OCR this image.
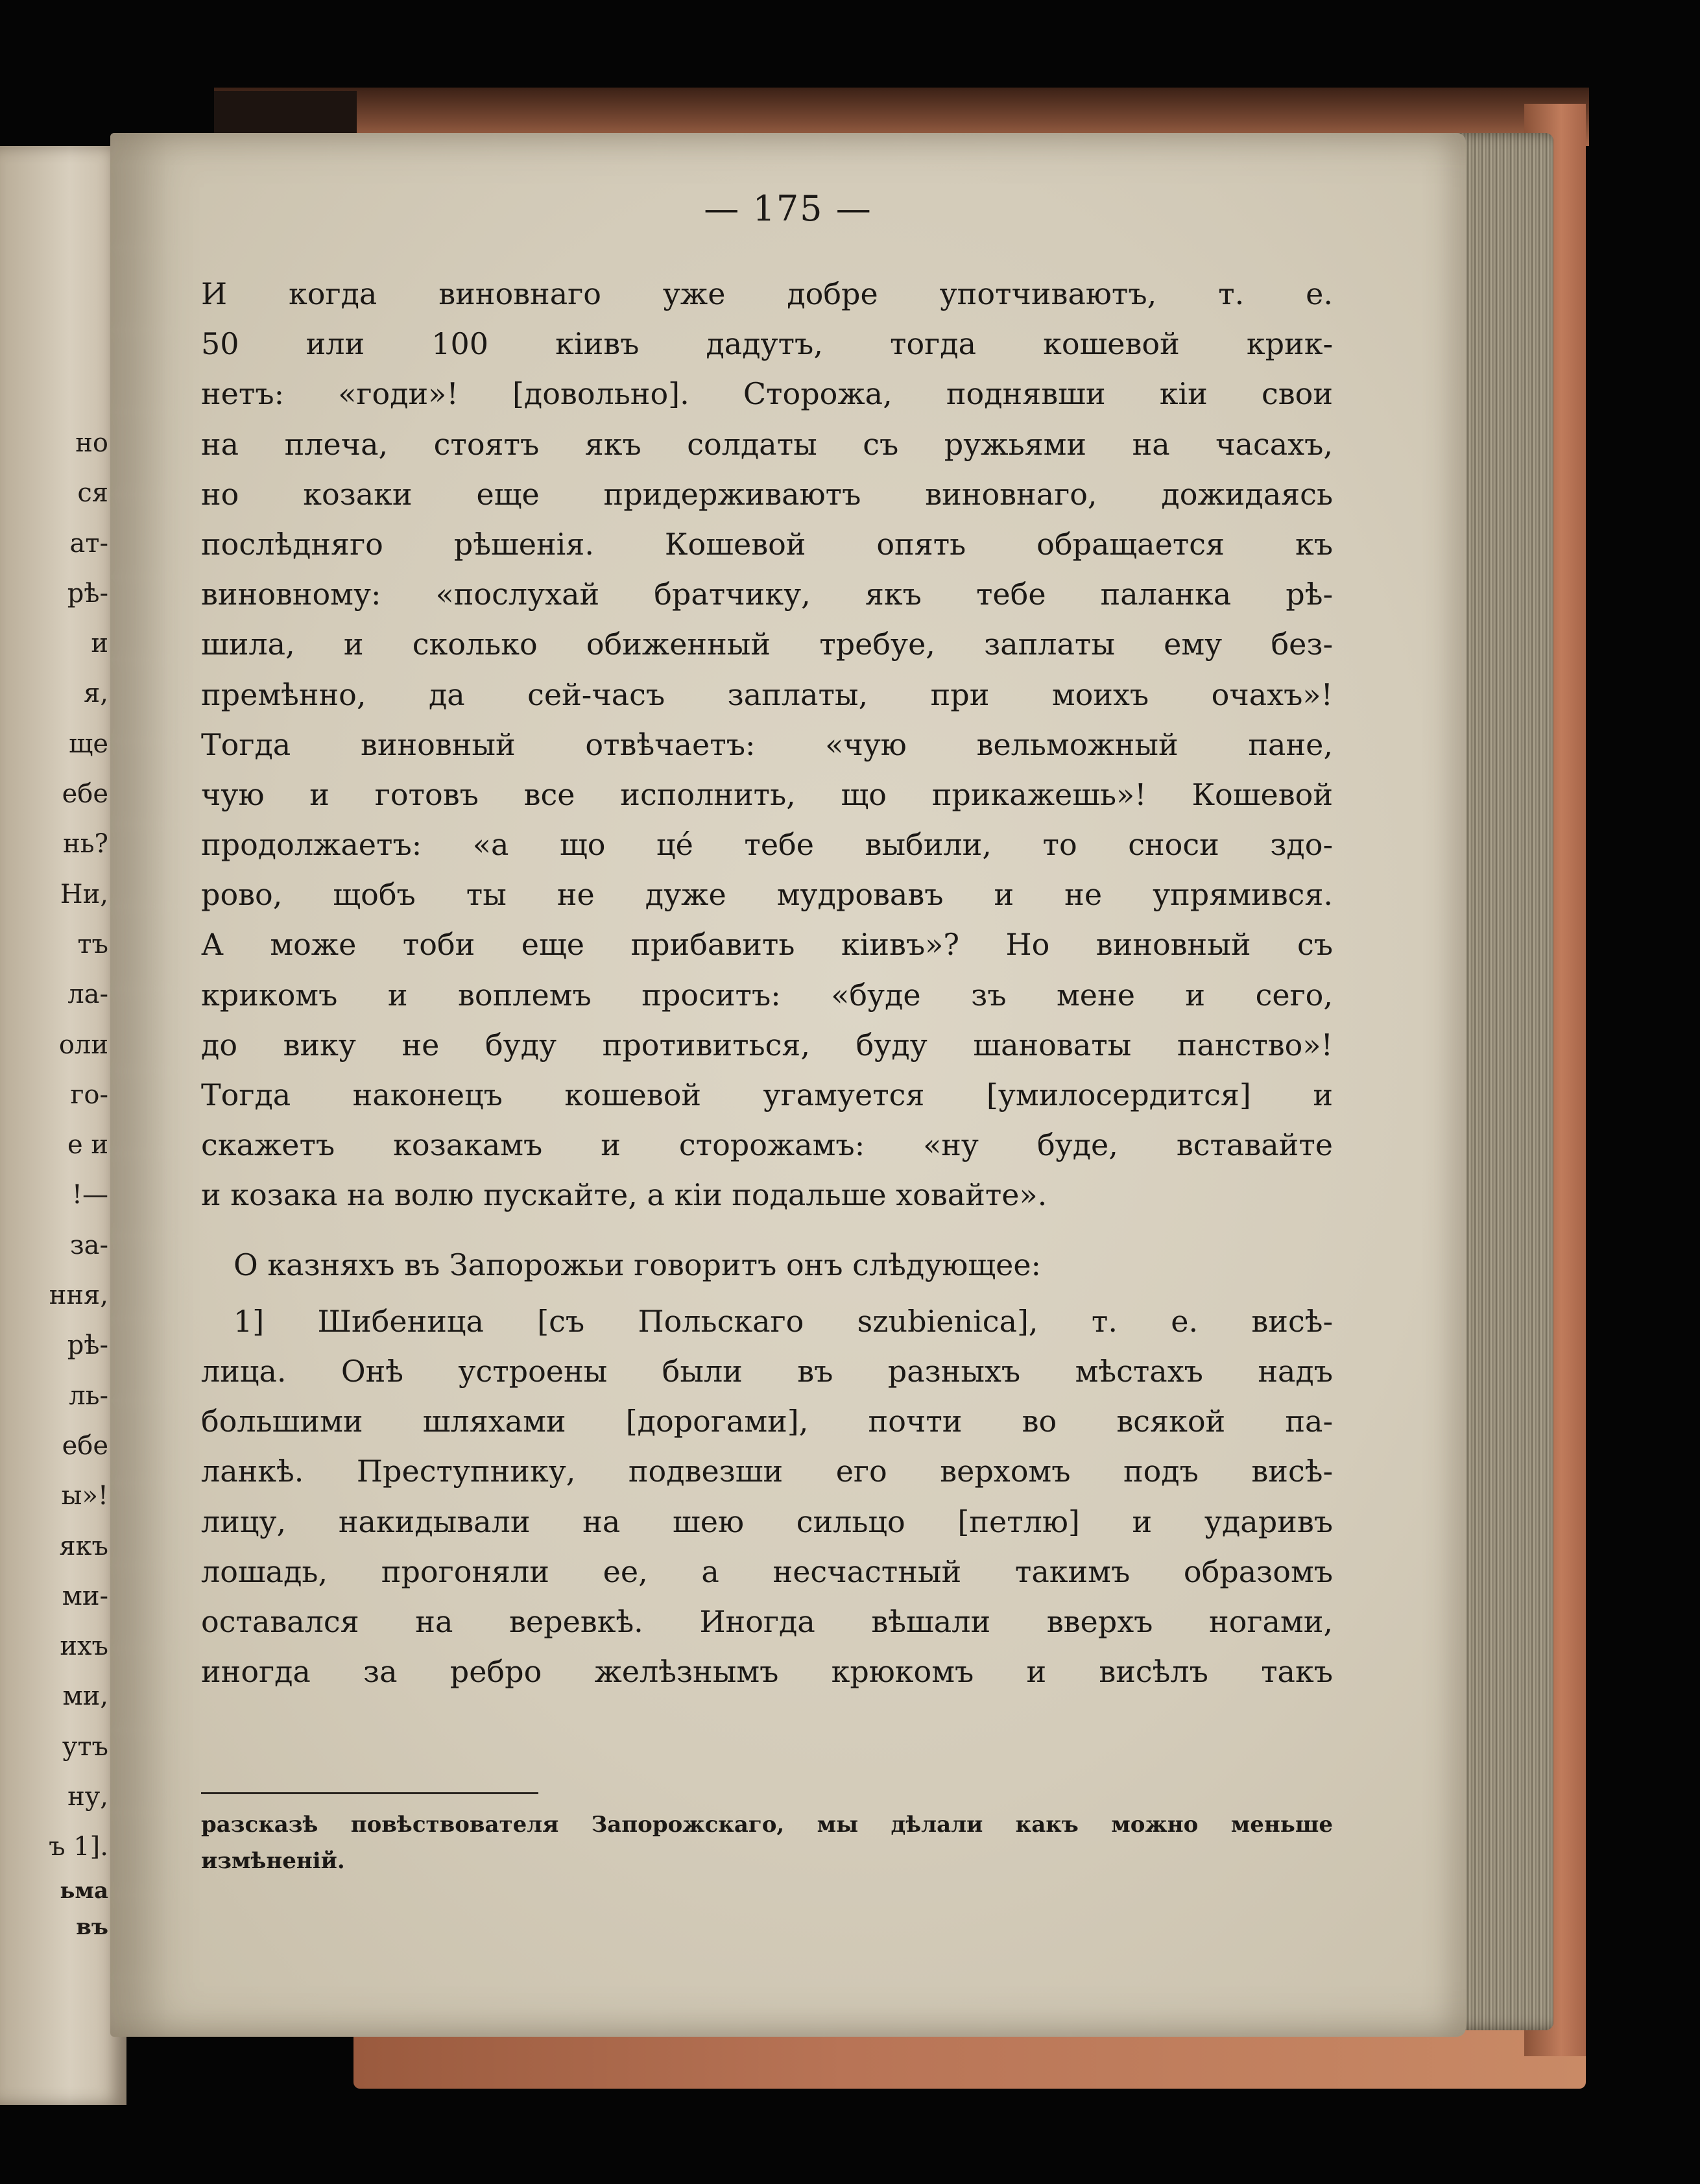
но
ся
ат-
рѣ-
и
я,
ще
ебе
нь?
Ни,
тъ
ла-
оли
го-
е и
!—
за-
ння,
рѣ-
ль-
ебе
ы»!
якъ
ми-
ихъ
ми,
утъ
ну,
ъ 1].
ьма
въ
— 175 —
И когда виновнаго уже добре употчиваютъ, т. е.
50 или 100 кiивъ дадутъ, тогда кошевой крик-
нетъ: «годи»! [довольно]. Сторожа, поднявши кiи свои
на плеча, стоятъ якъ солдаты съ ружьями на часахъ,
но козаки еще придерживаютъ виновнаго, дожидаясь
послѣдняго рѣшенiя. Кошевой опять обращается къ
виновному: «послухай братчику, якъ тебе паланка рѣ-
шила, и сколько обиженный требуе, заплаты ему без-
премѣнно, да сей-часъ заплаты, при моихъ очахъ»!
Тогда виновный отвѣчаетъ: «чую вельможный пане,
чую и готовъ все исполнить, що прикажешь»! Кошевой
продолжаетъ: «а що цé тебе выбили, то сноси здо-
рово, щобъ ты не дуже мудровавъ и не упрямився.
А може тоби еще прибавить кiивъ»? Но виновный съ
крикомъ и воплемъ проситъ: «буде зъ мене и сего,
до вику не буду противиться, буду шановаты панство»!
Тогда наконецъ кошевой угамуется [умилосердится] и
скажетъ козакамъ и сторожамъ: «ну буде, вставайте
и козака на волю пускайте, а кiи подальше ховайте».
О казняхъ въ Запорожьи говоритъ онъ слѣдующее:
1] Шибеница [съ Польскаго szubienica], т. е. висѣ-
лица. Онѣ устроены были въ разныхъ мѣстахъ надъ
большими шляхами [дорогами], почти во всякой па-
ланкѣ. Преступнику, подвезши его верхомъ подъ висѣ-
лицу, накидывали на шею сильцо [петлю] и ударивъ
лошадь, прогоняли ее, а несчастный такимъ образомъ
оставался на веревкѣ. Иногда вѣшали вверхъ ногами,
иногда за ребро желѣзнымъ крюкомъ и висѣлъ такъ
разсказѣ повѣствователя Запорожскаго, мы дѣлали какъ можно меньше
измѣненiй.
